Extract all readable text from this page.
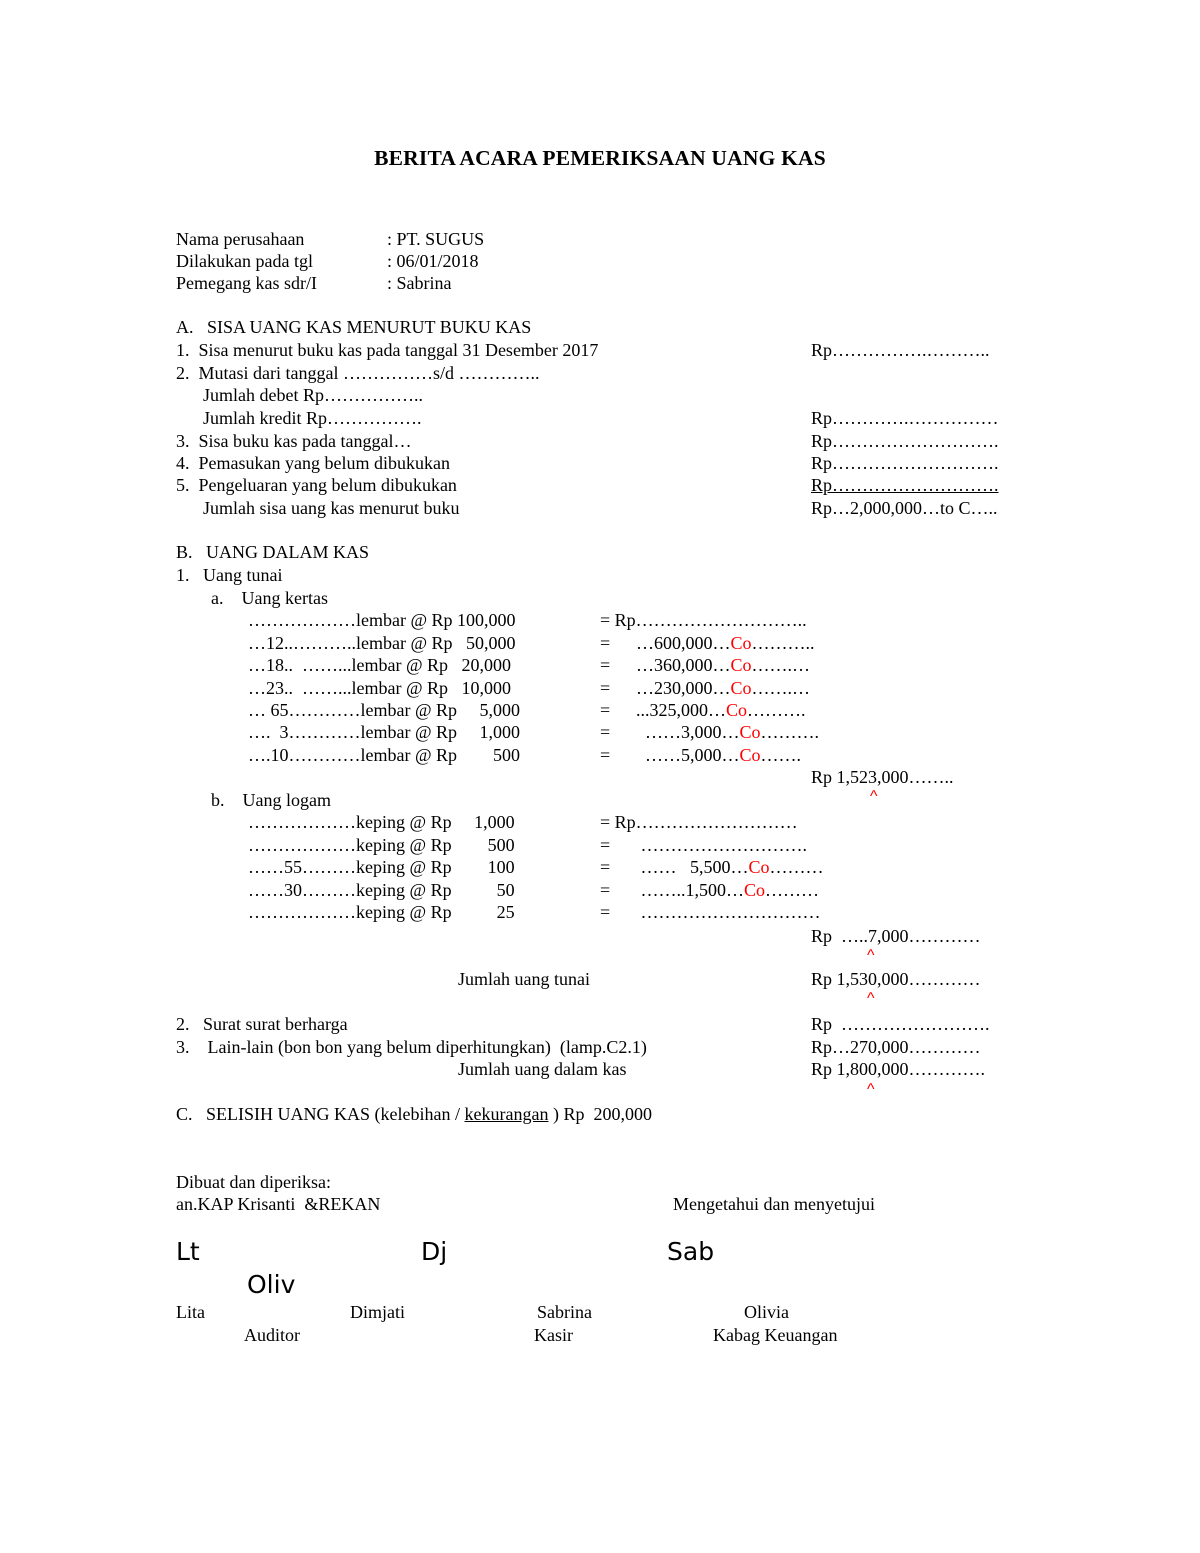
BERITA ACARA PEMERIKSAAN UANG KAS
Nama perusahaan	: PT. SUGUS
Dilakukan pada tgl	: 06/01/2018
Pemegang kas sdr/I	: Sabrina
A.   SISA UANG KAS MENURUT BUKU KAS
1.  Sisa menurut buku kas pada tanggal 31 Desember 2017	Rp…………….………..
2.  Mutasi dari tanggal ……………s/d …………..
Jumlah debet Rp……………..
Jumlah kredit Rp…………….	Rp………….……………
3.  Sisa buku kas pada tanggal…	Rp……………………….
4.  Pemasukan yang belum dibukukan	Rp……………………….
5.  Pengeluaran yang belum dibukukan	Rp……………………….
Jumlah sisa uang kas menurut buku	Rp…2,000,000…to C…..
B.   UANG DALAM KAS
1.   Uang tunai
a.    Uang kertas
………………lembar @ Rp 100,000	= Rp………………………..
…12..………..lembar @ Rp   50,000	= …600,000…Co………..
…18..  ……...lembar @ Rp   20,000	= …360,000…Co…….…
…23..  ……...lembar @ Rp   10,000	= …230,000…Co…….…
… 65…………lembar @ Rp     5,000	= ...325,000…Co……….
….  3…………lembar @ Rp     1,000	= ……3,000…Co……….
….10…………lembar @ Rp        500	= ……5,000…Co…….
Rp 1,523,000……..
^
b.    Uang logam
………………keping @ Rp     1,000	= Rp………………………
………………keping @ Rp        500	= ……………………….
……55………keping @ Rp        100	= ……   5,500…Co………
……30………keping @ Rp          50	= ……..1,500…Co………
………………keping @ Rp          25	= …………………………
Rp  …..7,000…………
^
Jumlah uang tunai	Rp 1,530,000…………
^
2.   Surat surat berharga	Rp  …………………….
3.    Lain-lain (bon bon yang belum diperhitungkan)  (lamp.C2.1)	Rp…270,000…………
Jumlah uang dalam kas	Rp 1,800,000………….
^
C.   SELISIH UANG KAS (kelebihan / kekurangan ) Rp  200,000
Dibuat dan diperiksa:
an.KAP Krisanti  &REKAN	Mengetahui dan menyetujui
Lt	Dj	Sab
Oliv
Lita	Dimjati	Sabrina	Olivia
Auditor	Kasir	Kabag Keuangan
